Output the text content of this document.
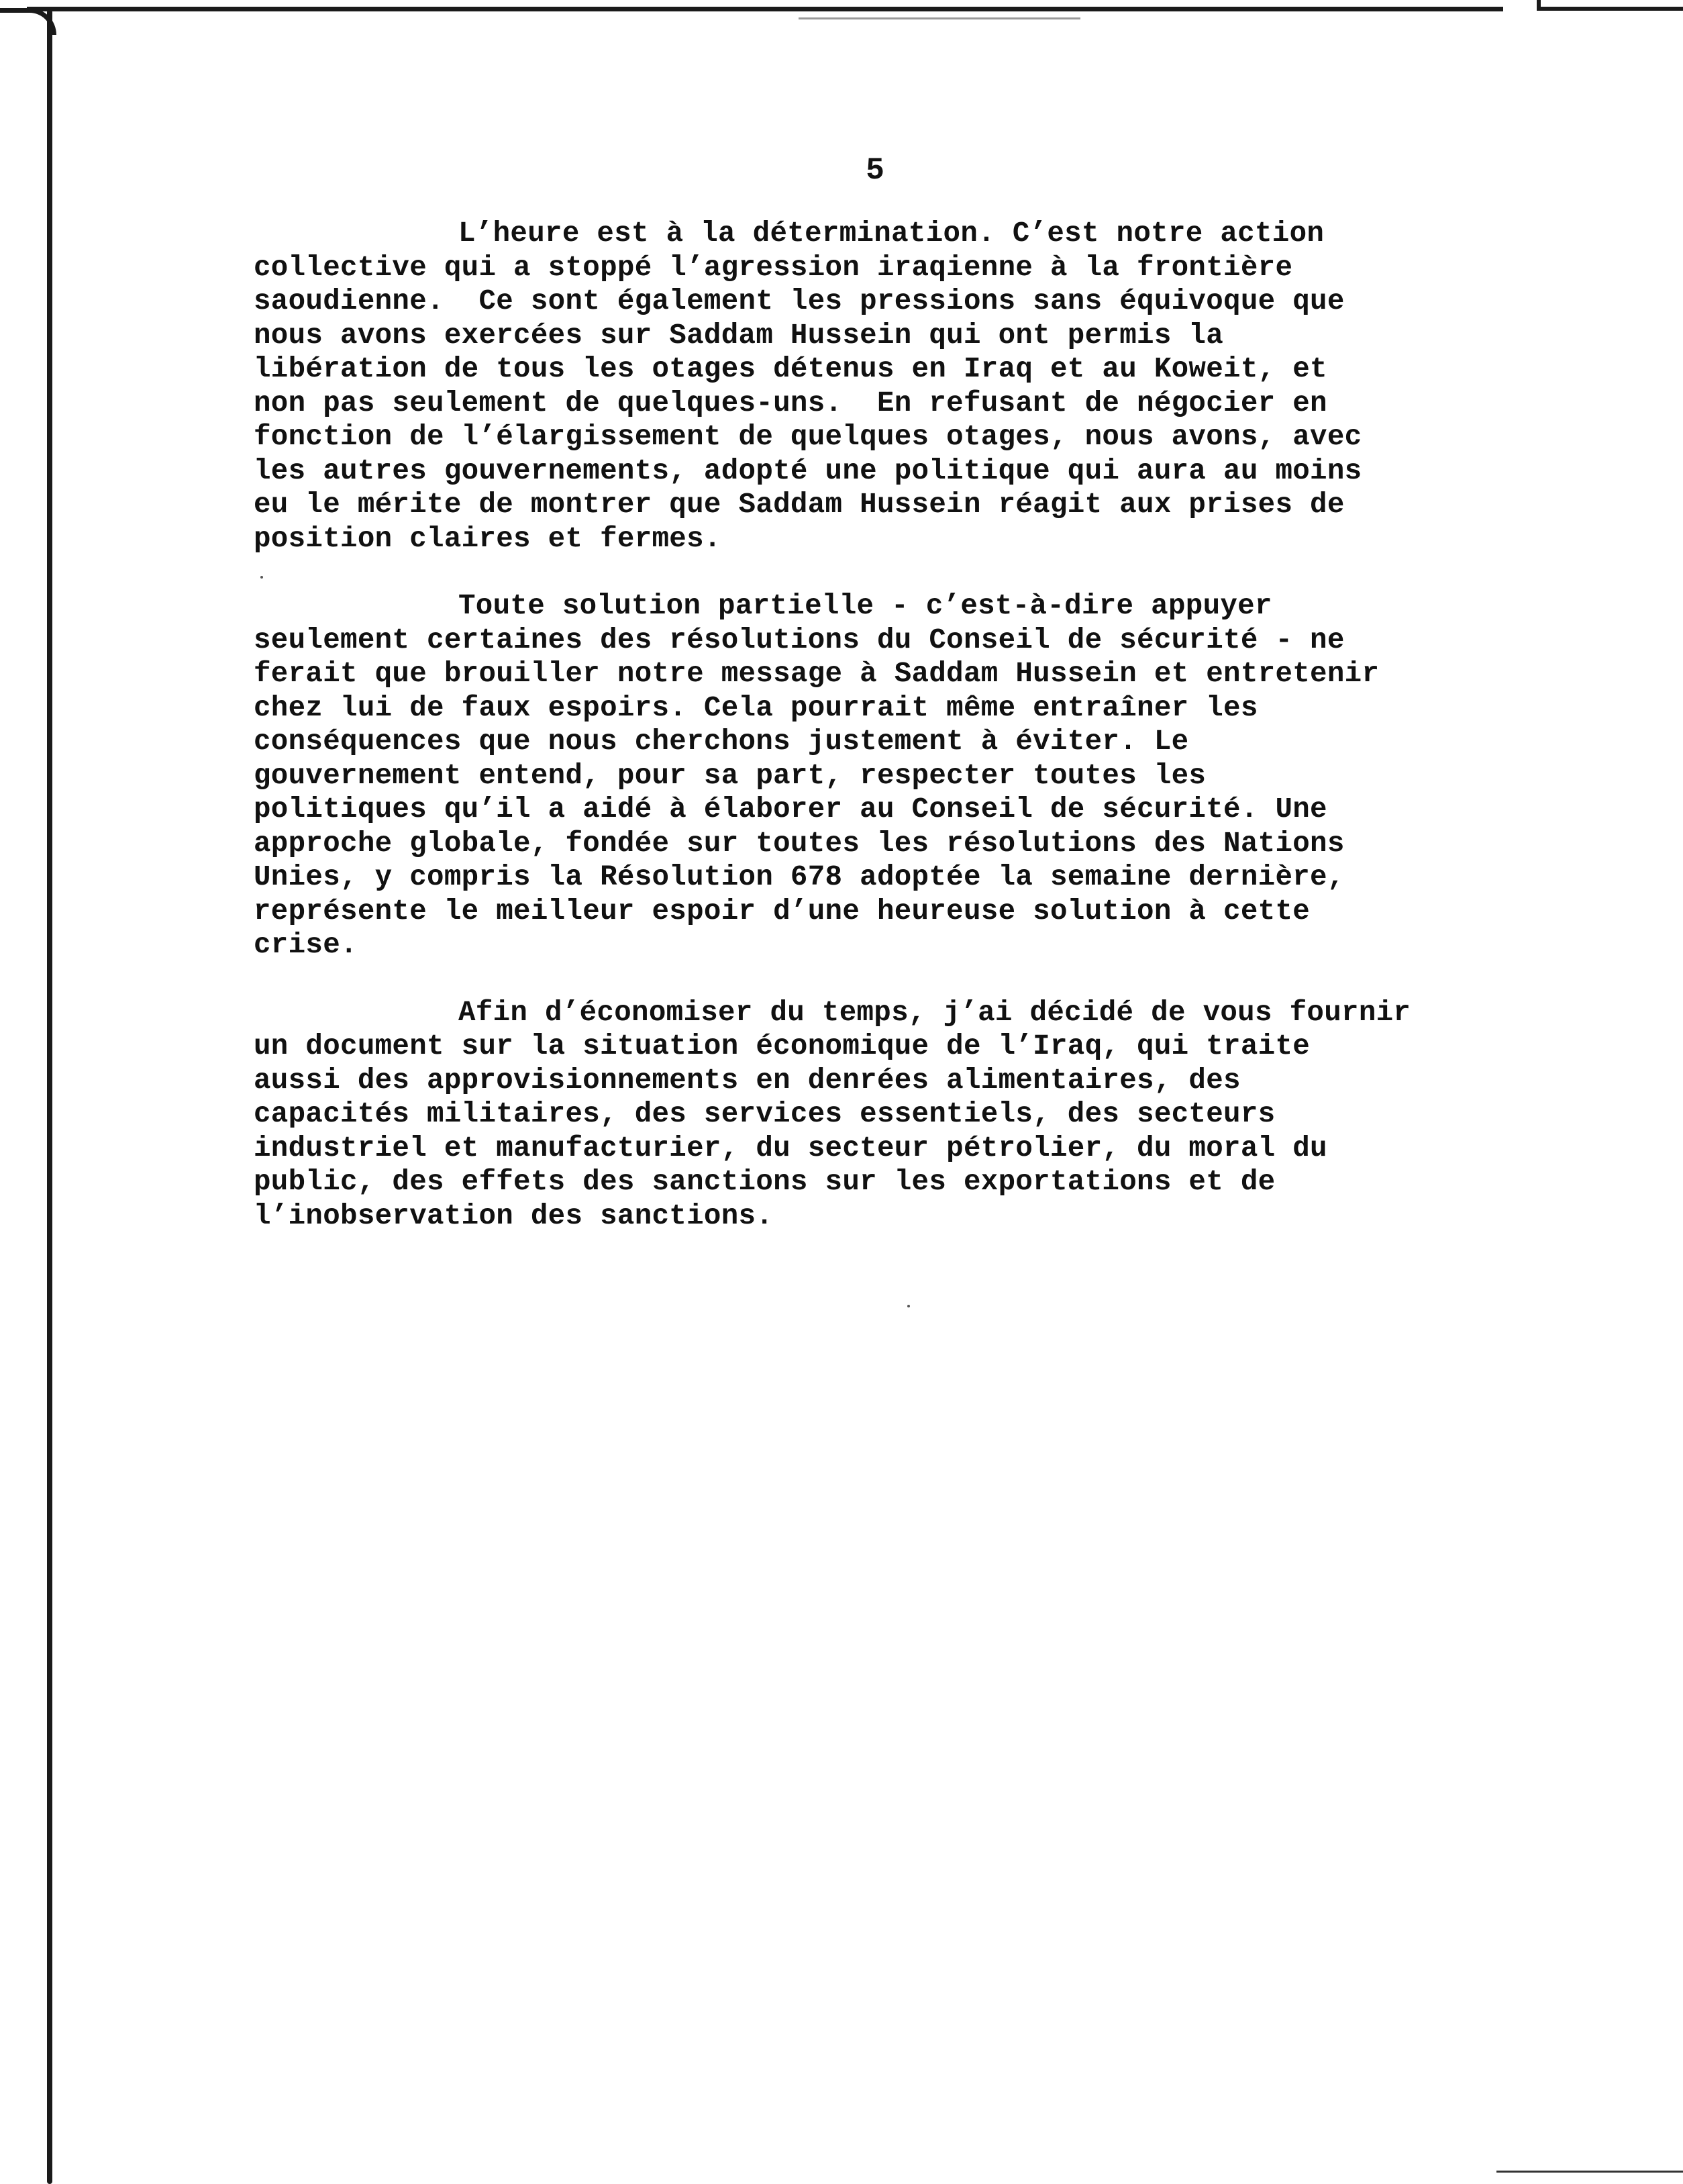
5
L’heure est à la détermination. C’est notre action
collective qui a stoppé l’agression iraqienne à la frontière
saoudienne.  Ce sont également les pressions sans équivoque que
nous avons exercées sur Saddam Hussein qui ont permis la
libération de tous les otages détenus en Iraq et au Koweit, et
non pas seulement de quelques-uns.  En refusant de négocier en
fonction de l’élargissement de quelques otages, nous avons, avec
les autres gouvernements, adopté une politique qui aura au moins
eu le mérite de montrer que Saddam Hussein réagit aux prises de
position claires et fermes.
Toute solution partielle - c’est-à-dire appuyer
seulement certaines des résolutions du Conseil de sécurité - ne
ferait que brouiller notre message à Saddam Hussein et entretenir
chez lui de faux espoirs. Cela pourrait même entraîner les
conséquences que nous cherchons justement à éviter. Le
gouvernement entend, pour sa part, respecter toutes les
politiques qu’il a aidé à élaborer au Conseil de sécurité. Une
approche globale, fondée sur toutes les résolutions des Nations
Unies, y compris la Résolution 678 adoptée la semaine dernière,
représente le meilleur espoir d’une heureuse solution à cette
crise.
Afin d’économiser du temps, j’ai décidé de vous fournir
un document sur la situation économique de l’Iraq, qui traite
aussi des approvisionnements en denrées alimentaires, des
capacités militaires, des services essentiels, des secteurs
industriel et manufacturier, du secteur pétrolier, du moral du
public, des effets des sanctions sur les exportations et de
l’inobservation des sanctions.
